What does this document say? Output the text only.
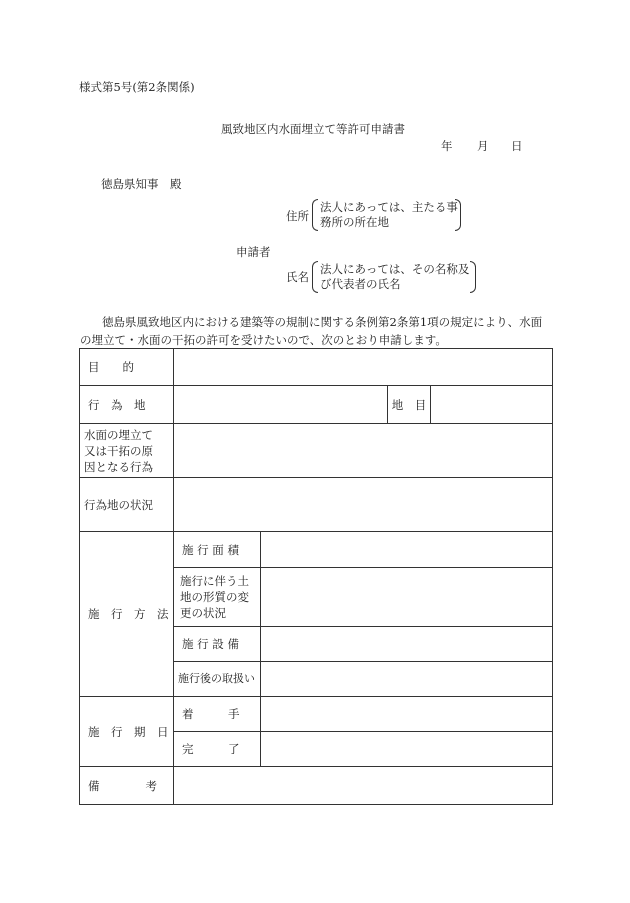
様式第5号(第2条関係)
風致地区内水面埋立て等許可申請書
年 月 日
徳島県知事　殿
住所
法人にあっては、主たる事
務所の所在地
申請者
氏名
法人にあっては、その名称及
び代表者の氏名
徳島県風致地区内における建築等の規制に関する条例第2条第1項の規定により、水面
の埋立て・水面の干拓の許可を受けたいので、次のとおり申請します。
目　　的				
行　為　地			地　目	

水面の埋立て
又は干拓の原
因となる行為				

行為地の状況				
施　行　方　法	施 行 面 積			

	施行に伴う土
地の形質の変
更の状況			

	施 行 設 備			
	施行後の取扱い			
施　行　期　日	着　　　手			
	完　　　了			
備　　　　考				
